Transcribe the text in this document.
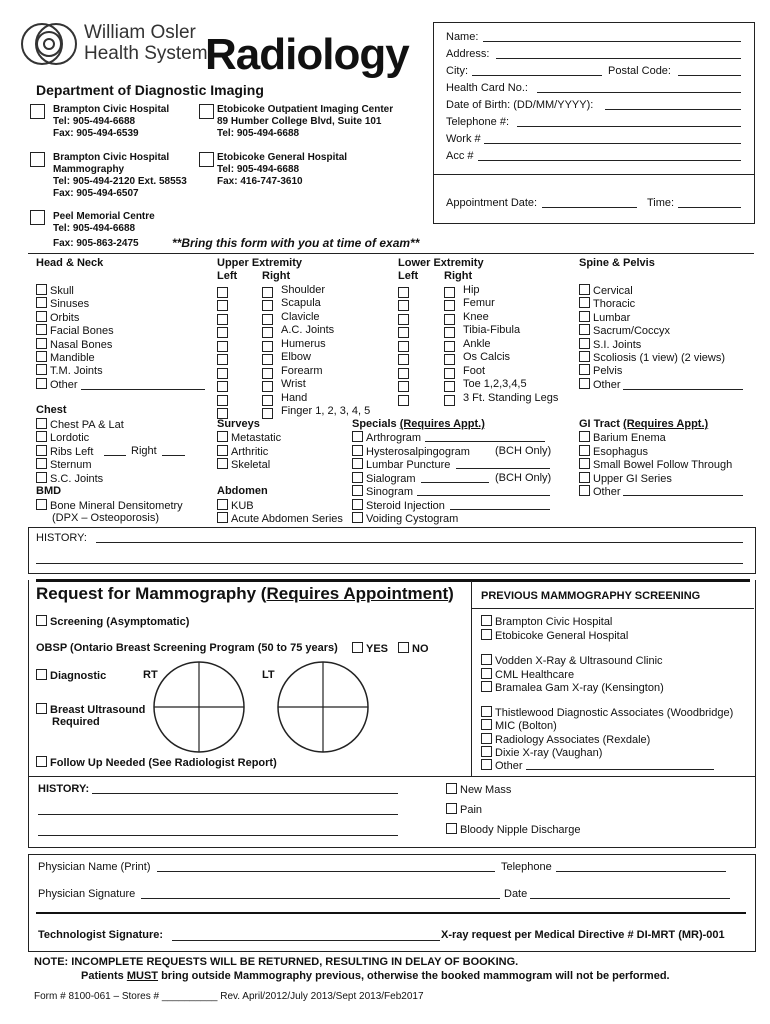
William Osler
Health System
Radiology
Department of Diagnostic Imaging
Brampton Civic Hospital
Tel: 905-494-6688
Fax: 905-494-6539
Etobicoke Outpatient Imaging Center
89 Humber College Blvd, Suite 101
Tel: 905-494-6688
Brampton Civic Hospital
Mammography
Tel: 905-494-2120 Ext. 58553
Fax: 905-494-6507
Etobicoke General Hospital
Tel: 905-494-6688
Fax: 416-747-3610
Peel Memorial Centre
Tel: 905-494-6688
Fax: 905-863-2475	**Bring this form with you at time of exam**
Name:
Address:
City:	Postal Code:
Health Card No.:
Date of Birth: (DD/MM/YYYY):
Telephone #:
Work #
Acc #
Appointment Date:	Time:
Head & Neck
Skull
Sinuses
Orbits
Facial Bones
Nasal Bones
Mandible
T.M. Joints
Other
Upper Extremity
Left Right
Shoulder
Scapula
Clavicle
A.C. Joints
Humerus
Elbow
Forearm
Wrist
Hand
Finger 1, 2, 3, 4, 5
Lower Extremity
Left Right
Hip
Femur
Knee
Tibia-Fibula
Ankle
Os Calcis
Foot
Toe 1,2,3,4,5
3 Ft. Standing Legs
Spine & Pelvis
Cervical
Thoracic
Lumbar
Sacrum/Coccyx
S.I. Joints
Scoliosis (1 view) (2 views)
Pelvis
Other
Chest
Chest PA & Lat
Lordotic
Ribs Left	Right
Sternum
S.C. Joints
BMD
Bone Mineral Densitometry
(DPX – Osteoporosis)
Surveys
Metastatic
Arthritic
Skeletal
Abdomen
KUB
Acute Abdomen Series
Specials (Requires Appt.)
Arthrogram
Hysterosalpingogram (BCH Only)
Lumbar Puncture
Sialogram	(BCH Only)
Sinogram
Steroid Injection
Voiding Cystogram
GI Tract (Requires Appt.)
Barium Enema
Esophagus
Small Bowel Follow Through
Upper GI Series
Other
HISTORY:
Request for Mammography (Requires Appointment) PREVIOUS MAMMOGRAPHY SCREENING
Screening (Asymptomatic)
OBSP (Ontario Breast Screening Program (50 to 75 years)	YES	NO
Diagnostic	RT	LT
Breast Ultrasound
Required
Follow Up Needed (See Radiologist Report)
Brampton Civic Hospital
Etobicoke General Hospital
Vodden X-Ray & Ultrasound Clinic
CML Healthcare
Bramalea Gam X-ray (Kensington)
Thistlewood Diagnostic Associates (Woodbridge)
MIC (Bolton)
Radiology Associates (Rexdale)
Dixie X-ray (Vaughan)
Other
HISTORY:	New Mass
Pain
Bloody Nipple Discharge
Physician Name (Print)	Telephone
Physician Signature	Date
Technologist Signature:	X-ray request per Medical Directive # DI-MRT (MR)-001
NOTE: INCOMPLETE REQUESTS WILL BE RETURNED, RESULTING IN DELAY OF BOOKING.
Patients MUST bring outside Mammography previous, otherwise the booked mammogram will not be performed.
Form # 8100-061 – Stores # __________ Rev. April/2012/July 2013/Sept 2013/Feb2017
